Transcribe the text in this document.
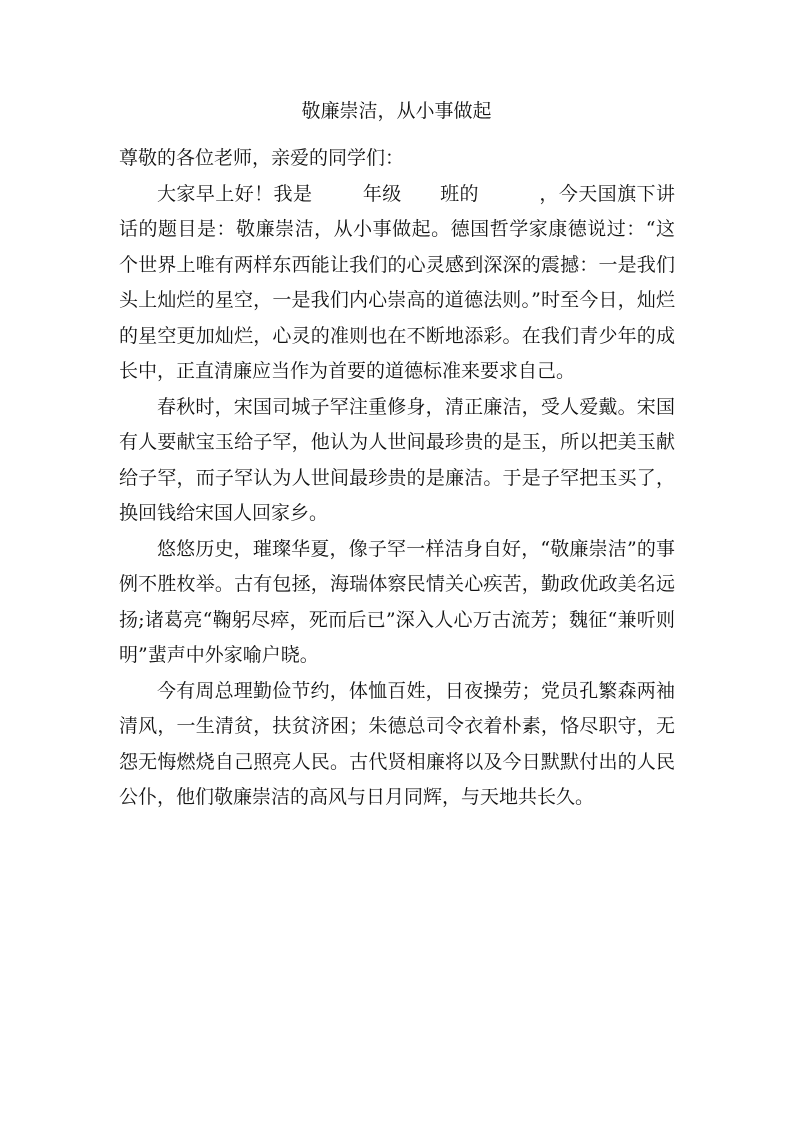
敬廉崇洁，从小事做起

尊敬的各位老师，亲爱的同学们：

大家早上好！我是	年级 班的	，今天国旗下讲话的题目是：敬廉崇洁，从小事做起。德国哲学家康德说过：“这个世界上唯有两样东西能让我们的心灵感到深深的震撼：一是我们头上灿烂的星空，一是我们内心崇高的道德法则。”时至今日，灿烂的星空更加灿烂，心灵的准则也在不断地添彩。在我们青少年的成长中，正直清廉应当作为首要的道德标准来要求自己。

春秋时，宋国司城子罕注重修身，清正廉洁，受人爱戴。宋国有人要献宝玉给子罕，他认为人世间最珍贵的是玉，所以把美玉献给子罕，而子罕认为人世间最珍贵的是廉洁。于是子罕把玉买了，换回钱给宋国人回家乡。

悠悠历史，璀璨华夏，像子罕一样洁身自好，“敬廉崇洁”的事例不胜枚举。古有包拯，海瑞体察民情关心疾苦，勤政优政美名远扬;诸葛亮“鞠躬尽瘁，死而后已”深入人心万古流芳；魏征“兼听则明”蜚声中外家喻户晓。

今有周总理勤俭节约，体恤百姓，日夜操劳；党员孔繁森两袖清风，一生清贫，扶贫济困；朱德总司令衣着朴素，恪尽职守，无怨无悔燃烧自己照亮人民。古代贤相廉将以及今日默默付出的人民公仆，他们敬廉崇洁的高风与日月同辉，与天地共长久。
